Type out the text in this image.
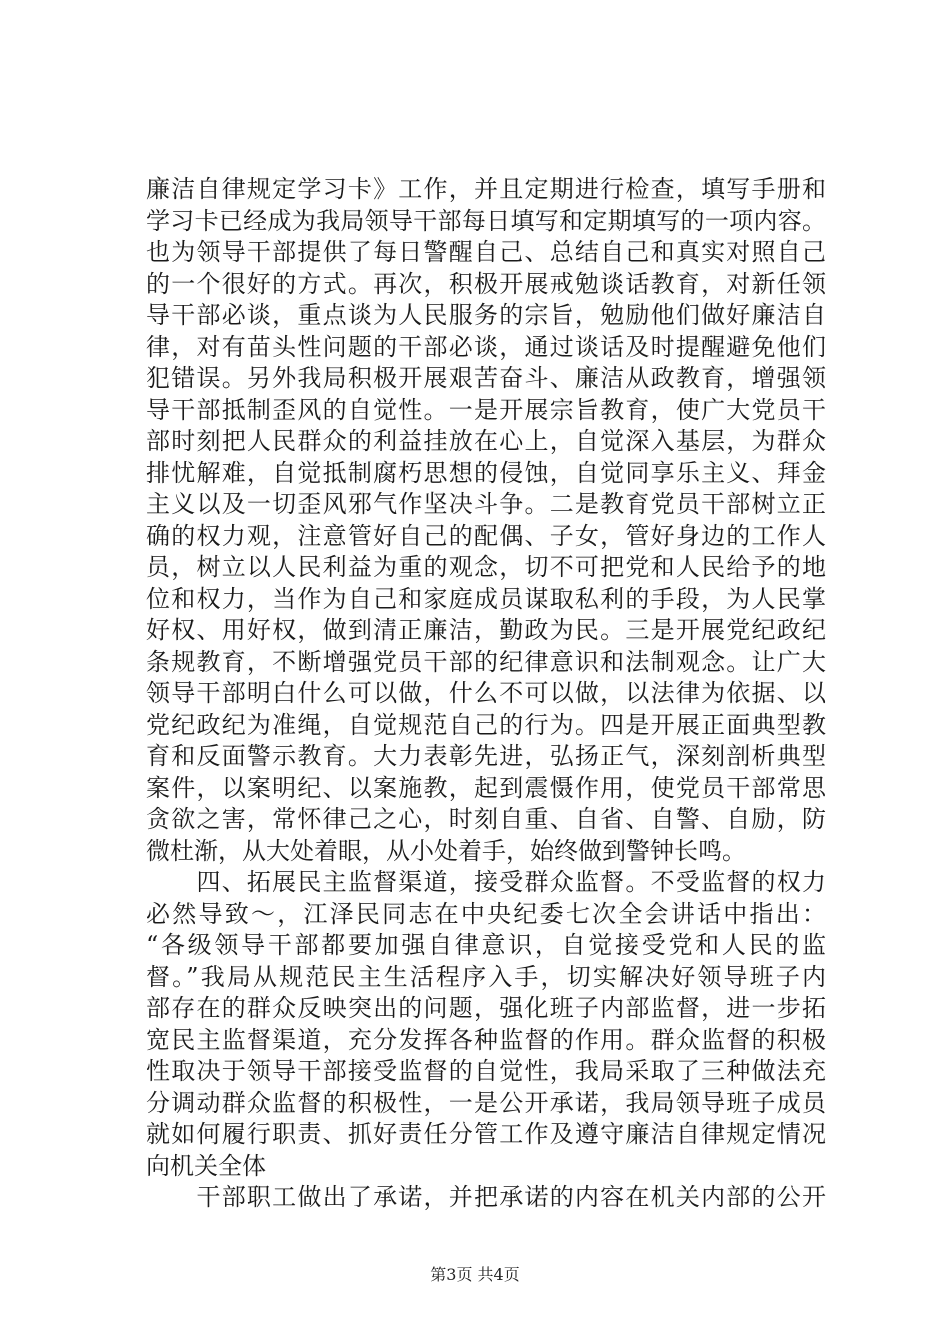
廉洁自律规定学习卡》工作，并且定期进行检查，填写手册和
学习卡已经成为我局领导干部每日填写和定期填写的一项内容。
也为领导干部提供了每日警醒自己、总结自己和真实对照自己
的一个很好的方式。再次，积极开展戒勉谈话教育，对新任领
导干部必谈，重点谈为人民服务的宗旨，勉励他们做好廉洁自
律，对有苗头性问题的干部必谈，通过谈话及时提醒避免他们
犯错误。另外我局积极开展艰苦奋斗、廉洁从政教育，增强领
导干部抵制歪风的自觉性。一是开展宗旨教育，使广大党员干
部时刻把人民群众的利益挂放在心上，自觉深入基层，为群众
排忧解难，自觉抵制腐朽思想的侵蚀，自觉同享乐主义、拜金
主义以及一切歪风邪气作坚决斗争。二是教育党员干部树立正
确的权力观，注意管好自己的配偶、子女，管好身边的工作人
员，树立以人民利益为重的观念，切不可把党和人民给予的地
位和权力，当作为自己和家庭成员谋取私利的手段，为人民掌
好权、用好权，做到清正廉洁，勤政为民。三是开展党纪政纪
条规教育，不断增强党员干部的纪律意识和法制观念。让广大
领导干部明白什么可以做，什么不可以做，以法律为依据、以
党纪政纪为准绳，自觉规范自己的行为。四是开展正面典型教
育和反面警示教育。大力表彰先进，弘扬正气，深刻剖析典型
案件，以案明纪、以案施教，起到震慑作用，使党员干部常思
贪欲之害，常怀律己之心，时刻自重、自省、自警、自励，防
微杜渐，从大处着眼，从小处着手，始终做到警钟长鸣。
　　四、拓展民主监督渠道，接受群众监督。不受监督的权力
必然导致～，江泽民同志在中央纪委七次全会讲话中指出：
“各级领导干部都要加强自律意识，自觉接受党和人民的监
督。”我局从规范民主生活程序入手，切实解决好领导班子内
部存在的群众反映突出的问题，强化班子内部监督，进一步拓
宽民主监督渠道，充分发挥各种监督的作用。群众监督的积极
性取决于领导干部接受监督的自觉性，我局采取了三种做法充
分调动群众监督的积极性，一是公开承诺，我局领导班子成员
就如何履行职责、抓好责任分管工作及遵守廉洁自律规定情况
向机关全体
　　干部职工做出了承诺，并把承诺的内容在机关内部的公开
第3页 共4页
